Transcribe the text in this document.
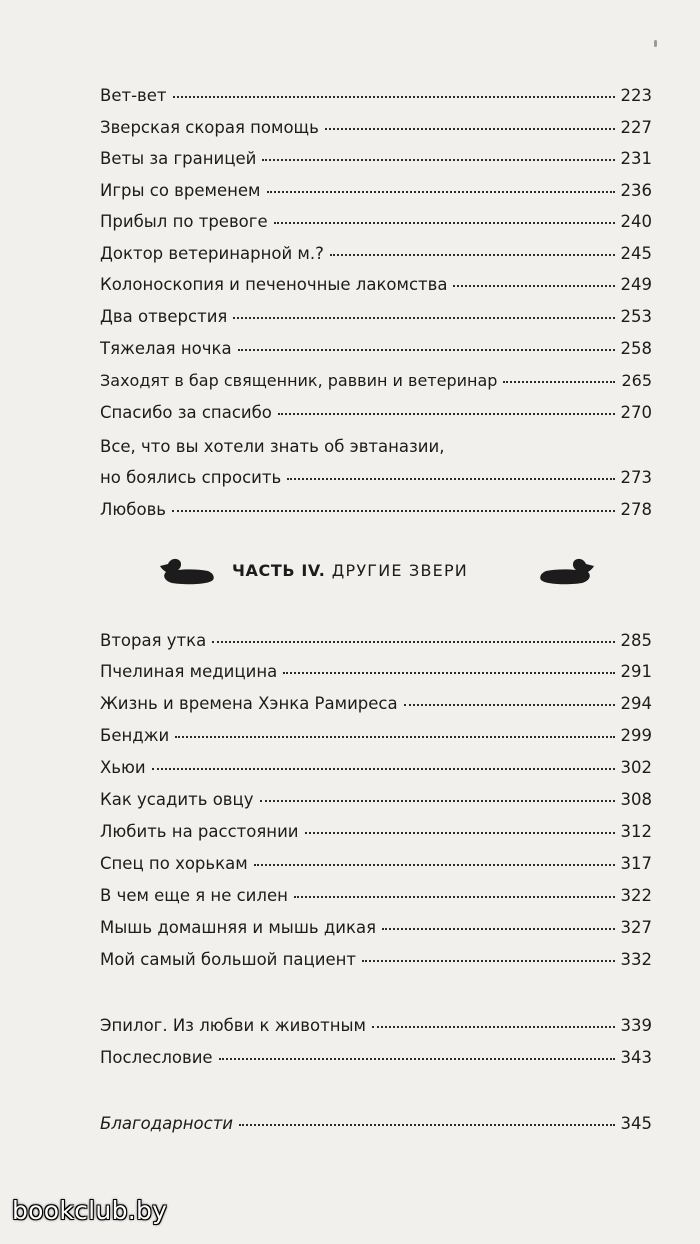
Вет-вет	223
Зверская скорая помощь	227
Веты за границей	231
Игры со временем	236
Прибыл по тревоге	240
Доктор ветеринарной м.?	245
Колоноскопия и печеночные лакомства	249
Два отверстия	253
Тяжелая ночка	258
Заходят в бар священник, раввин и ветеринар	265
Спасибо за спасибо	270
Все, что вы хотели знать об эвтаназии,
но боялись спросить	273
Любовь	278
ЧАСТЬ IV. ДРУГИЕ ЗВЕРИ
Вторая утка	285
Пчелиная медицина	291
Жизнь и времена Хэнка Рамиреса	294
Бенджи	299
Хьюи	302
Как усадить овцу	308
Любить на расстоянии	312
Спец по хорькам	317
В чем еще я не силен	322
Мышь домашняя и мышь дикая	327
Мой самый большой пациент	332
Эпилог. Из любви к животным	339
Послесловие	343
Благодарности	345
bookclub.by
